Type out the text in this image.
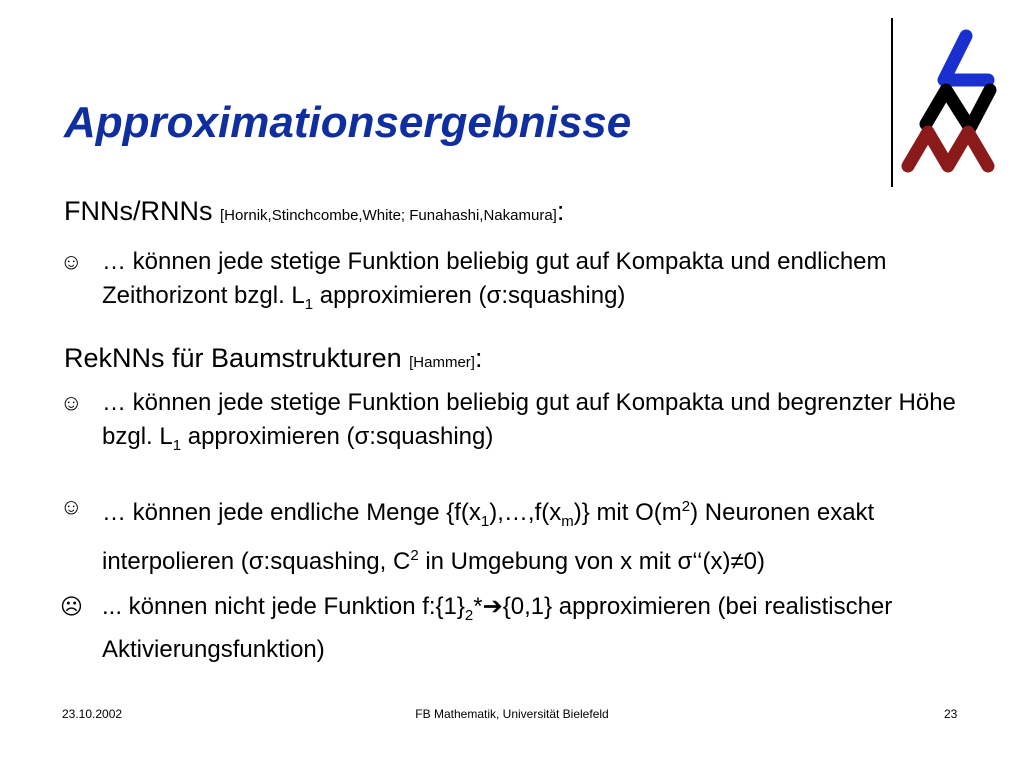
Approximationsergebnisse
FNNs/RNNs [Hornik,Stinchcombe,White; Funahashi,Nakamura]:
☺ … können jede stetige Funktion beliebig gut auf Kompakta und endlichem Zeithorizont bzgl. $L_1$ approximieren (σ:squashing)
RekNNs für Baumstrukturen [Hammer]:
☺ … können jede stetige Funktion beliebig gut auf Kompakta und begrenzter Höhe bzgl. $L_1$ approximieren (σ:squashing)
☺ … können jede endliche Menge $\{f(x_1),\dots,f(x_m)\}$ mit $O(m^2)$ Neuronen exakt interpolieren (σ:squashing, $C^2$ in Umgebung von x mit σ‘‘(x)≠0)
☹ ... können nicht jede Funktion $f:\{1\}_2*➔\{0,1\}$ approximieren (bei realistischer Aktivierungsfunktion)
23.10.2002	FB Mathematik, Universität Bielefeld	23
